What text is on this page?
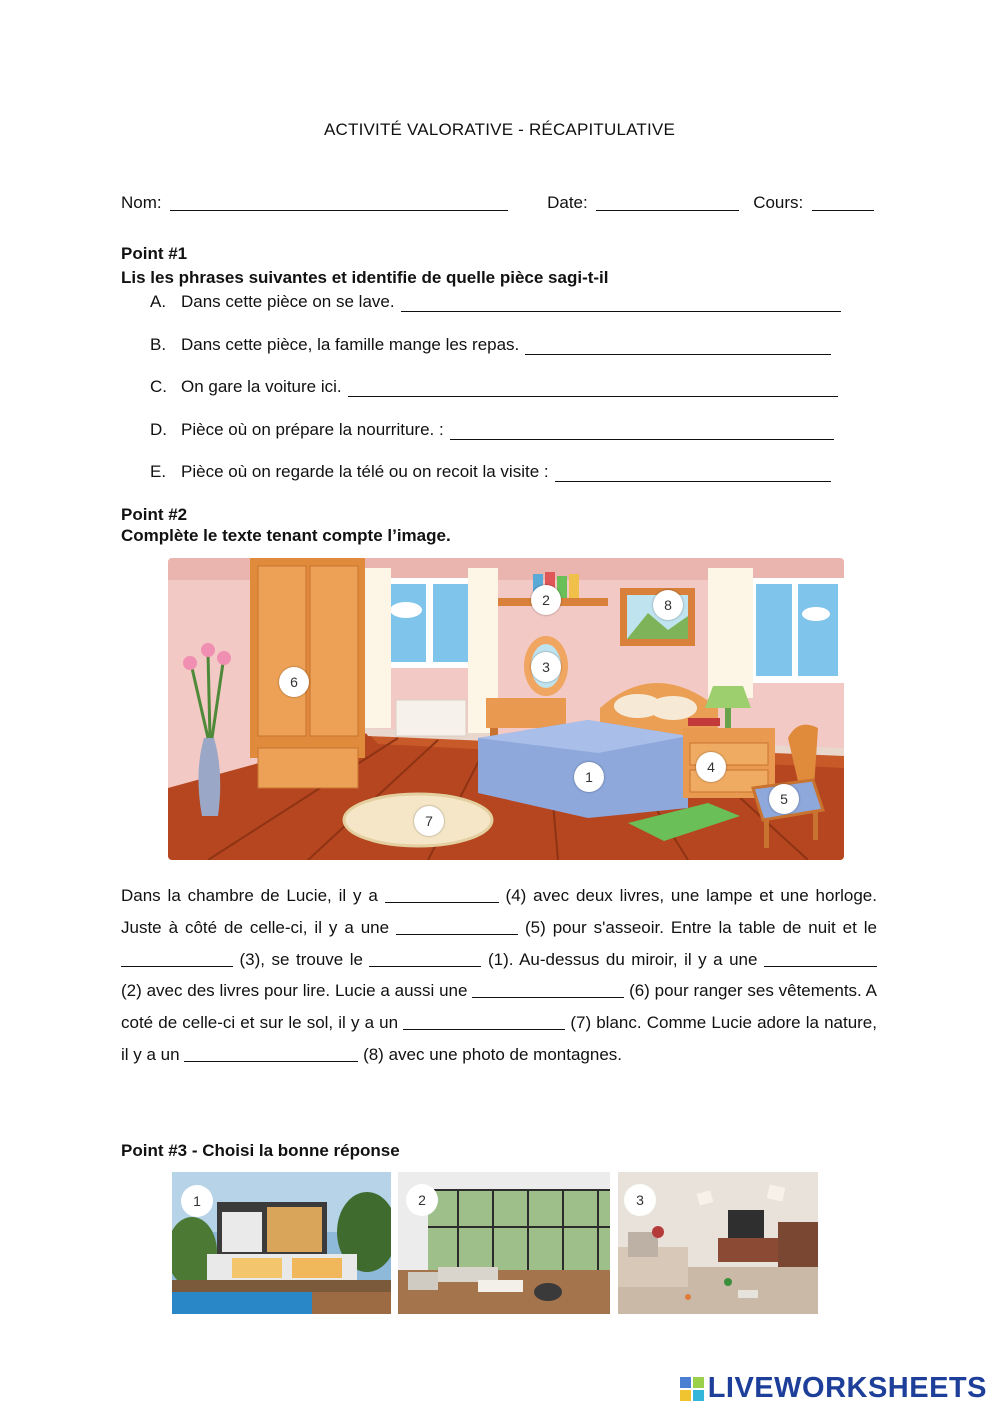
ACTIVITÉ VALORATIVE - RÉCAPITULATIVE
Nom:	Date:	Cours:
Point #1
Lis les phrases suivantes et identifie de quelle pièce sagi-t-il
A. Dans cette pièce on se lave.
B. Dans cette pièce, la famille mange les repas.
C. On gare la voiture ici.
D. Pièce où on prépare la nourriture. :
E. Pièce où on regarde la télé ou on recoit la visite :
Point #2
Complète le texte tenant compte l’image.
1
2
3
4
5
6
7
8
Dans la chambre de Lucie, il y a	(4) avec deux livres, une lampe et une horloge. Juste à côté de celle-ci, il y a une	(5) pour s'asseoir. Entre la table de nuit et le  (3), se trouve le	(1). Au-dessus du miroir, il y a une  (2) avec des livres pour lire. Lucie a aussi une	(6) pour ranger ses vêtements. A coté de celle-ci et sur le sol, il y a un	(7) blanc. Comme Lucie adore la nature, il y a un	(8) avec une photo de montagnes.
Point #3 - Choisi la bonne réponse
1	2	3
LIVEWORKSHEETS
